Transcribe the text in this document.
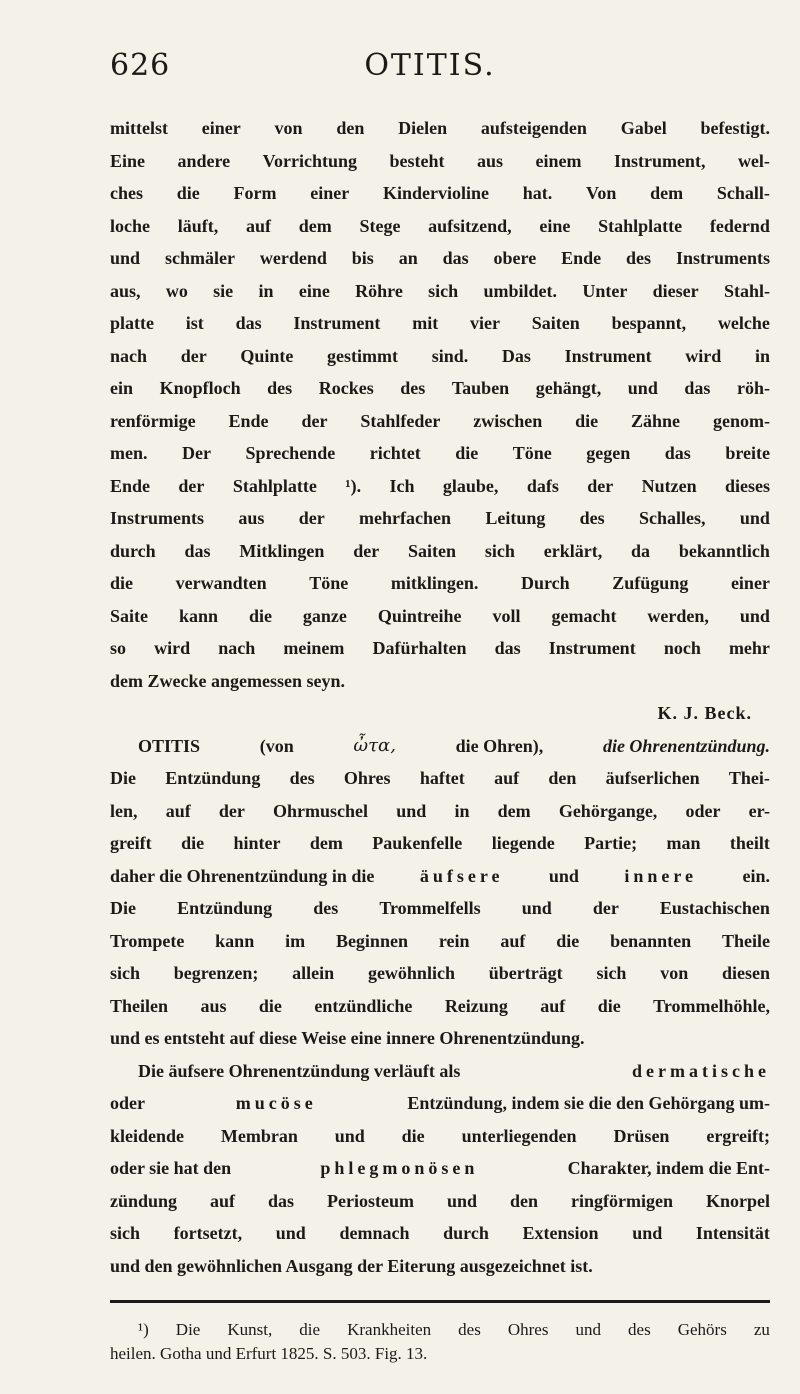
626	OTITIS.
mittelst einer von den Dielen aufsteigenden Gabel befestigt.
Eine andere Vorrichtung besteht aus einem Instrument, wel-
ches die Form einer Kindervioline hat. Von dem Schall-
loche läuft, auf dem Stege aufsitzend, eine Stahlplatte federnd
und schmäler werdend bis an das obere Ende des Instruments
aus, wo sie in eine Röhre sich umbildet. Unter dieser Stahl-
platte ist das Instrument mit vier Saiten bespannt, welche
nach der Quinte gestimmt sind. Das Instrument wird in
ein Knopfloch des Rockes des Tauben gehängt, und das röh-
renförmige Ende der Stahlfeder zwischen die Zähne genom-
men. Der Sprechende richtet die Töne gegen das breite
Ende der Stahlplatte ¹). Ich glaube, dafs der Nutzen dieses
Instruments aus der mehrfachen Leitung des Schalles, und
durch das Mitklingen der Saiten sich erklärt, da bekanntlich
die verwandten Töne mitklingen. Durch Zufügung einer
Saite kann die ganze Quintreihe voll gemacht werden, und
so wird nach meinem Dafürhalten das Instrument noch mehr
dem Zwecke angemessen seyn.
K. J. Beck.
OTITIS	(von	ὦτα,	die Ohren),	die Ohrenentzündung.
Die Entzündung des Ohres haftet auf den äufserlichen Thei-
len, auf der Ohrmuschel und in dem Gehörgange, oder er-
greift die hinter dem Paukenfelle liegende Partie; man theilt
daher die Ohrenentzündung in die	äufsere	und	innere	ein.
Die Entzündung des Trommelfells und der Eustachischen
Trompete kann im Beginnen rein auf die benannten Theile
sich begrenzen; allein gewöhnlich überträgt sich von diesen
Theilen aus die entzündliche Reizung auf die Trommelhöhle,
und es entsteht auf diese Weise eine innere Ohrenentzündung.
Die äufsere Ohrenentzündung verläuft als	dermatische
oder	mucöse	Entzündung, indem sie die den Gehörgang um-
kleidende Membran und die unterliegenden Drüsen ergreift;
oder sie hat den	phlegmonösen	Charakter, indem die Ent-
zündung auf das Periosteum und den ringförmigen Knorpel
sich fortsetzt, und demnach durch Extension und Intensität
und den gewöhnlichen Ausgang der Eiterung ausgezeichnet ist.
¹) Die Kunst, die Krankheiten des Ohres und des Gehörs zu
heilen. Gotha und Erfurt 1825. S. 503. Fig. 13.
